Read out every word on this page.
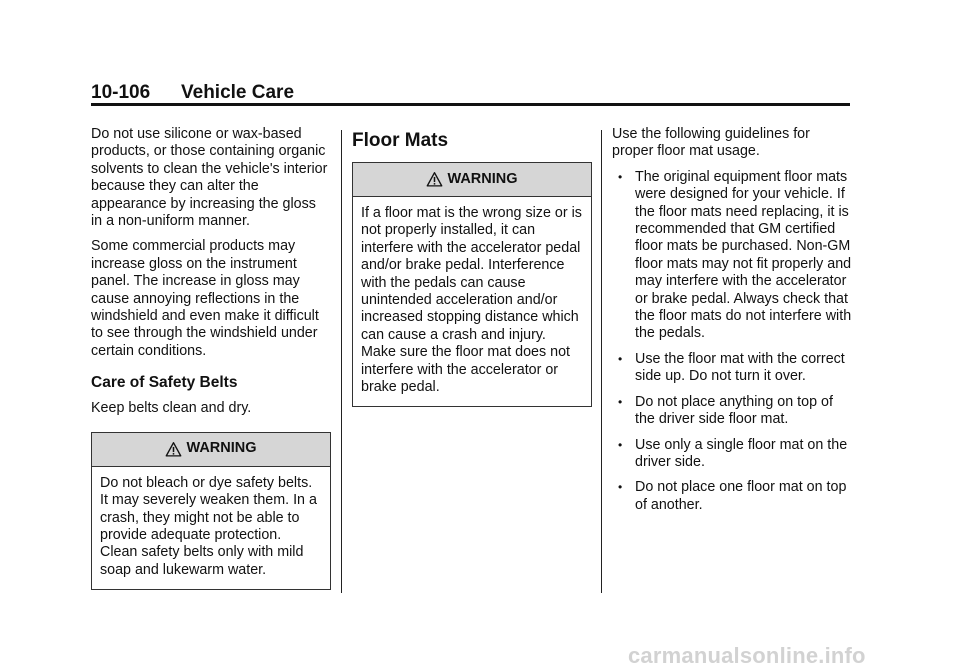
10-106 Vehicle Care

Do not use silicone or wax-based products, or those containing organic solvents to clean the vehicle's interior because they can alter the appearance by increasing the gloss in a non-uniform manner.

Some commercial products may increase gloss on the instrument panel. The increase in gloss may cause annoying reflections in the windshield and even make it difficult to see through the windshield under certain conditions.

Care of Safety Belts

Keep belts clean and dry.

WARNING
Do not bleach or dye safety belts. It may severely weaken them. In a crash, they might not be able to provide adequate protection. Clean safety belts only with mild soap and lukewarm water.
Floor Mats
WARNING
If a floor mat is the wrong size or is not properly installed, it can interfere with the accelerator pedal and/or brake pedal. Interference with the pedals can cause unintended acceleration and/or increased stopping distance which can cause a crash and injury. Make sure the floor mat does not interfere with the accelerator or brake pedal.

Use the following guidelines for proper floor mat usage.

• The original equipment floor mats were designed for your vehicle. If the floor mats need replacing, it is recommended that GM certified floor mats be purchased. Non-GM floor mats may not fit properly and may interfere with the accelerator or brake pedal. Always check that the floor mats do not interfere with the pedals.
• Use the floor mat with the correct side up. Do not turn it over.
• Do not place anything on top of the driver side floor mat.
• Use only a single floor mat on the driver side.
• Do not place one floor mat on top of another.
carmanualsonline.info
